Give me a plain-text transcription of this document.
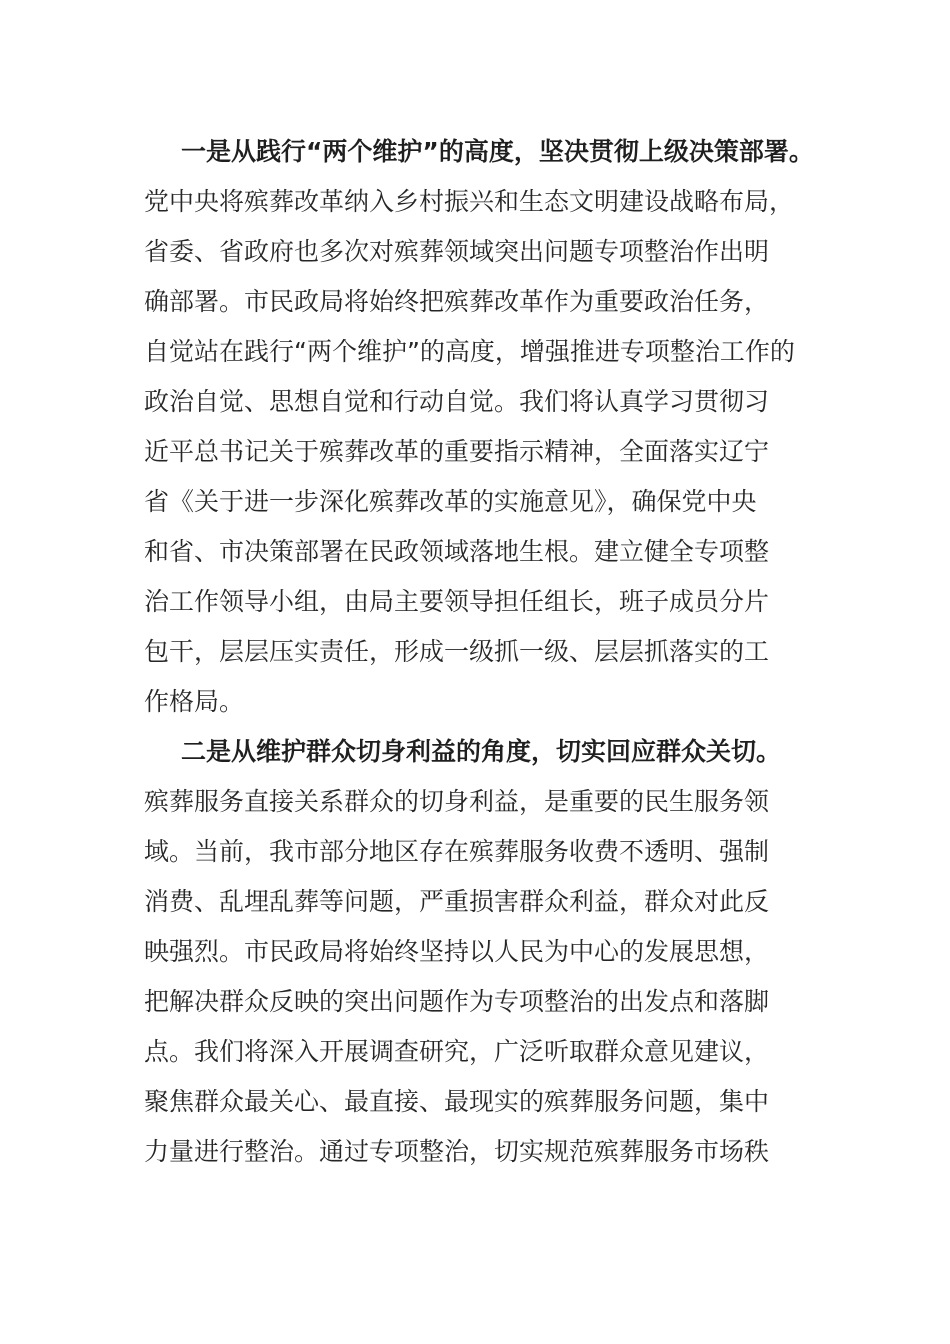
一是从践行“两个维护”的高度，坚决贯彻上级决策部署。
党中央将殡葬改革纳入乡村振兴和生态文明建设战略布局，
省委、省政府也多次对殡葬领域突出问题专项整治作出明
确部署。市民政局将始终把殡葬改革作为重要政治任务，
自觉站在践行“两个维护”的高度，增强推进专项整治工作的
政治自觉、思想自觉和行动自觉。我们将认真学习贯彻习
近平总书记关于殡葬改革的重要指示精神，全面落实辽宁
省《关于进一步深化殡葬改革的实施意见》，确保党中央
和省、市决策部署在民政领域落地生根。建立健全专项整
治工作领导小组，由局主要领导担任组长，班子成员分片
包干，层层压实责任，形成一级抓一级、层层抓落实的工
作格局。
二是从维护群众切身利益的角度，切实回应群众关切。
殡葬服务直接关系群众的切身利益，是重要的民生服务领
域。当前，我市部分地区存在殡葬服务收费不透明、强制
消费、乱埋乱葬等问题，严重损害群众利益，群众对此反
映强烈。市民政局将始终坚持以人民为中心的发展思想，
把解决群众反映的突出问题作为专项整治的出发点和落脚
点。我们将深入开展调查研究，广泛听取群众意见建议，
聚焦群众最关心、最直接、最现实的殡葬服务问题，集中
力量进行整治。通过专项整治，切实规范殡葬服务市场秩
